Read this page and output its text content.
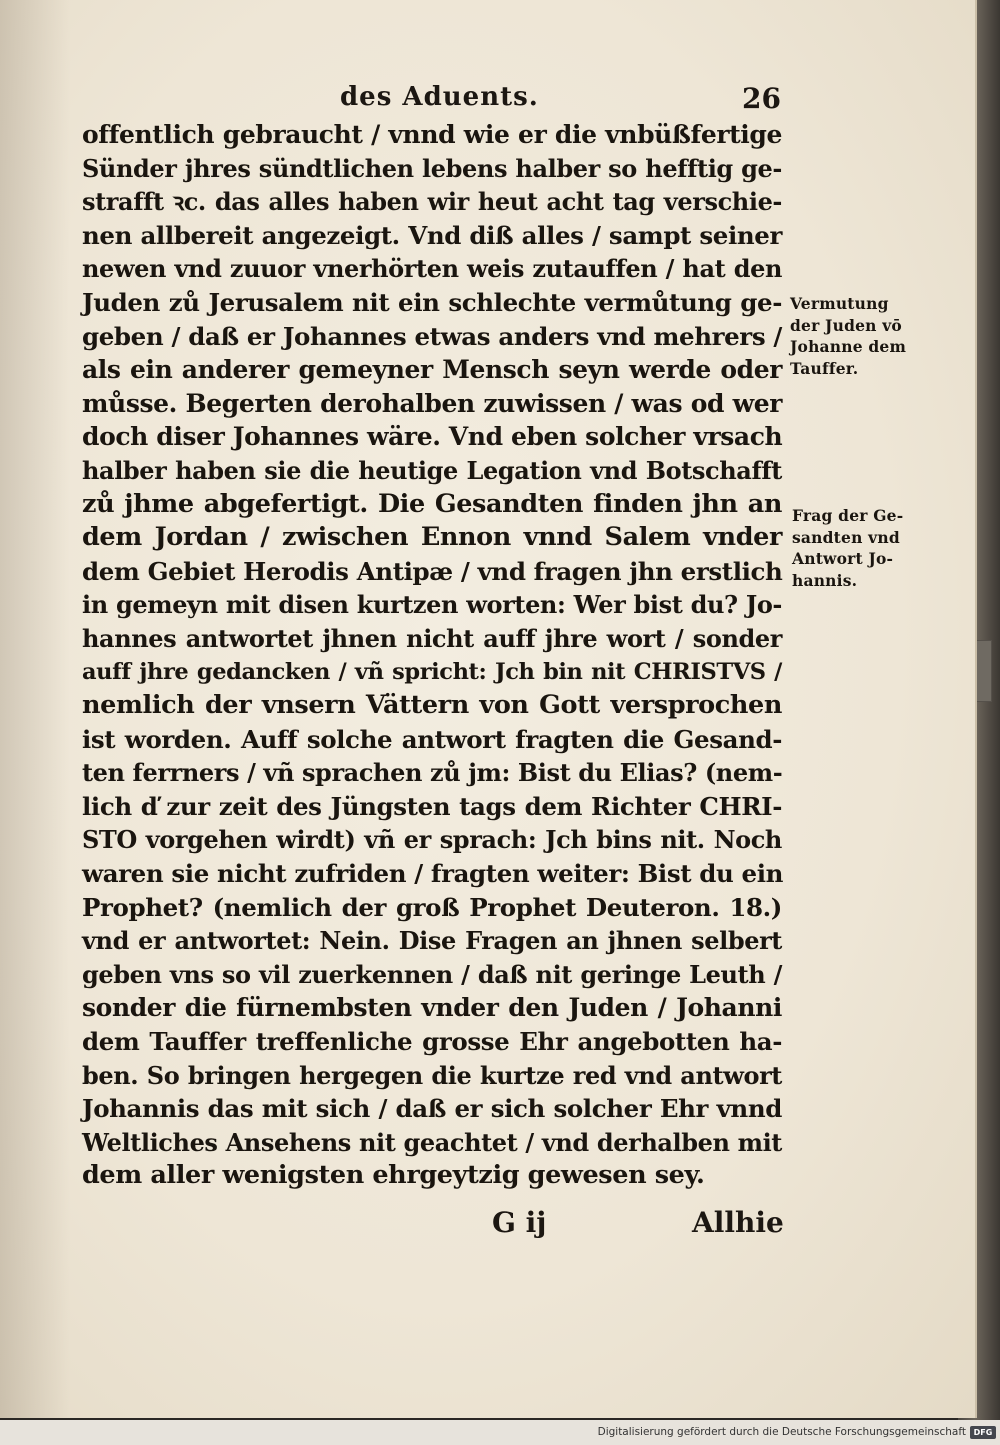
des Aduents.	26
offentlich gebraucht / vnnd wie er die vnbüßfertige
Sünder jhres sündtlichen lebens halber so hefftig ge-
strafft ꝛc. das alles haben wir heut acht tag verschie-
nen allbereit angezeigt. Vnd diß alles / sampt seiner
newen vnd zuuor vnerhörten weis zutauffen / hat den
Juden zů Jerusalem nit ein schlechte vermůtung ge-
geben / daß er Johannes etwas anders vnd mehrers /
als ein anderer gemeyner Mensch seyn werde oder
můsse. Begerten derohalben zuwissen / was od wer
doch diser Johannes wäre. Vnd eben solcher vrsach
halber haben sie die heutige Legation vnd Botschafft
zů jhme abgefertigt. Die Gesandten finden jhn an
dem Jordan / zwischen Ennon vnnd Salem vnder
dem Gebiet Herodis Antipæ / vnd fragen jhn erstlich
in gemeyn mit disen kurtzen worten: Wer bist du? Jo-
hannes antwortet jhnen nicht auff jhre wort / sonder
auff jhre gedancken / vñ spricht: Jch bin nit CHRISTVS /
nemlich der vnsern Vättern von Gott versprochen
ist worden. Auff solche antwort fragten die Gesand-
ten ferrners / vñ sprachen zů jm: Bist du Elias? (nem-
lich ď zur zeit des Jüngsten tags dem Richter CHRI-
STO vorgehen wirdt) vñ er sprach: Jch bins nit. Noch
waren sie nicht zufriden / fragten weiter: Bist du ein
Prophet? (nemlich der groß Prophet Deuteron. 18.)
vnd er antwortet: Nein. Dise Fragen an jhnen selbert
geben vns so vil zuerkennen / daß nit geringe Leuth /
sonder die fürnembsten vnder den Juden / Johanni
dem Tauffer treffenliche grosse Ehr angebotten ha-
ben. So bringen hergegen die kurtze red vnd antwort
Johannis das mit sich / daß er sich solcher Ehr vnnd
Weltliches Ansehens nit geachtet / vnd derhalben mit
dem aller wenigsten ehrgeytzig gewesen sey.
Vermutung
der Juden vō
Johanne dem
Tauffer.
Frag der Ge-
sandten vnd
Antwort Jo-
hannis.
G ij	Allhie
Digitalisierung gefördert durch die Deutsche Forschungsgemeinschaft DFG
